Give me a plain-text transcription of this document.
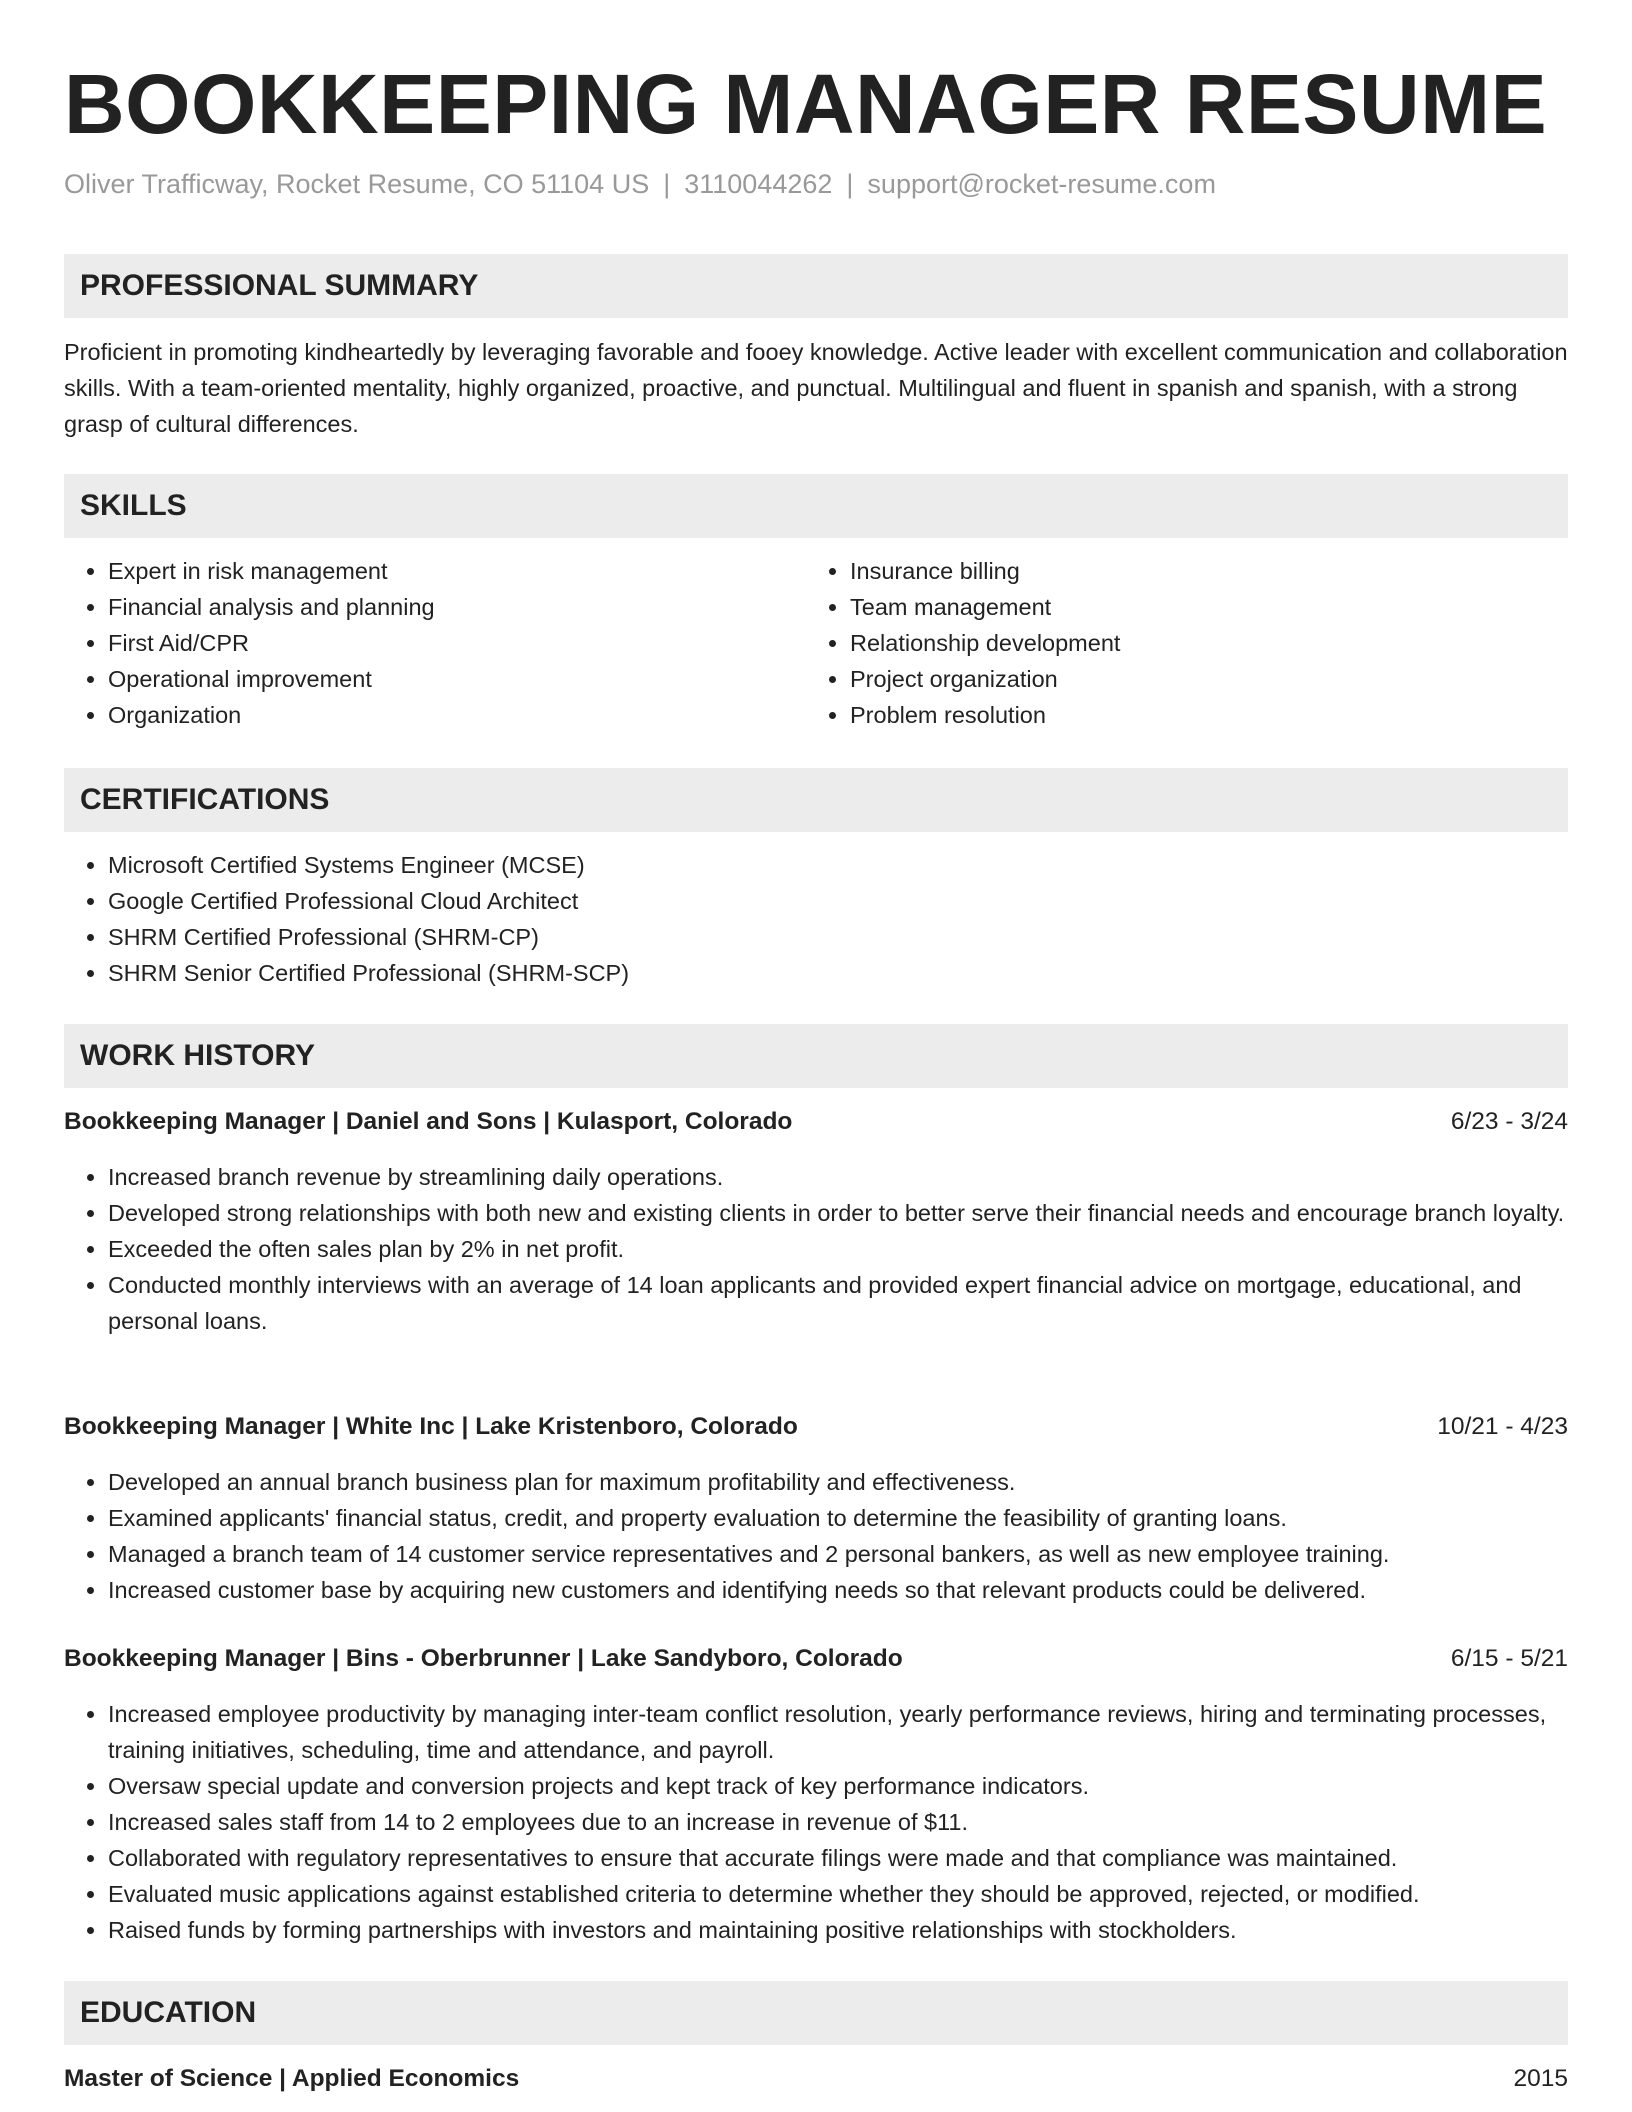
BOOKKEEPING MANAGER RESUME
Oliver Trafficway, Rocket Resume, CO 51104 US | 3110044262 | support@rocket-resume.com
PROFESSIONAL SUMMARY

Proficient in promoting kindheartedly by leveraging favorable and fooey knowledge. Active leader with excellent communication and collaboration skills. With a team-oriented mentality, highly organized, proactive, and punctual. Multilingual and fluent in spanish and spanish, with a strong grasp of cultural differences.

SKILLS
• Expert in risk management
• Financial analysis and planning
• First Aid/CPR
• Operational improvement
• Organization
• Insurance billing
• Team management
• Relationship development
• Project organization
• Problem resolution
CERTIFICATIONS
• Microsoft Certified Systems Engineer (MCSE)
• Google Certified Professional Cloud Architect
• SHRM Certified Professional (SHRM-CP)
• SHRM Senior Certified Professional (SHRM-SCP)
WORK HISTORY
Bookkeeping Manager | Daniel and Sons | Kulasport, Colorado	6/23 - 3/24
• Increased branch revenue by streamlining daily operations.
• Developed strong relationships with both new and existing clients in order to better serve their financial needs and encourage branch loyalty.
• Exceeded the often sales plan by 2% in net profit.
• Conducted monthly interviews with an average of 14 loan applicants and provided expert financial advice on mortgage, educational, and personal loans.
Bookkeeping Manager | White Inc | Lake Kristenboro, Colorado	10/21 - 4/23
• Developed an annual branch business plan for maximum profitability and effectiveness.
• Examined applicants' financial status, credit, and property evaluation to determine the feasibility of granting loans.
• Managed a branch team of 14 customer service representatives and 2 personal bankers, as well as new employee training.
• Increased customer base by acquiring new customers and identifying needs so that relevant products could be delivered.
Bookkeeping Manager | Bins - Oberbrunner | Lake Sandyboro, Colorado	6/15 - 5/21
• Increased employee productivity by managing inter-team conflict resolution, yearly performance reviews, hiring and terminating processes, training initiatives, scheduling, time and attendance, and payroll.
• Oversaw special update and conversion projects and kept track of key performance indicators.
• Increased sales staff from 14 to 2 employees due to an increase in revenue of $11.
• Collaborated with regulatory representatives to ensure that accurate filings were made and that compliance was maintained.
• Evaluated music applications against established criteria to determine whether they should be approved, rejected, or modified.
• Raised funds by forming partnerships with investors and maintaining positive relationships with stockholders.
EDUCATION
Master of Science | Applied Economics	2015
